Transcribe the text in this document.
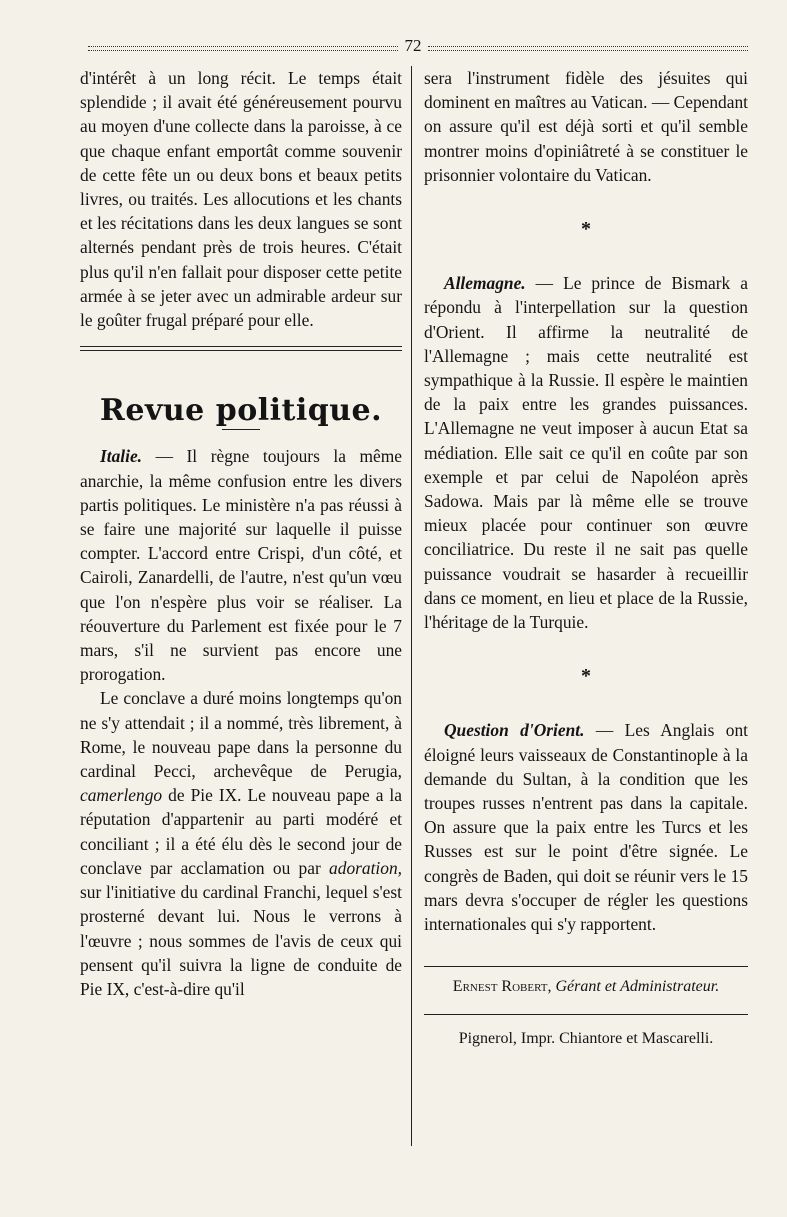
72

d'intérêt à un long récit. Le temps était splendide ; il avait été généreusement pourvu au moyen d'une collecte dans la paroisse, à ce que chaque enfant emportât comme souvenir de cette fête un ou deux bons et beaux petits livres, ou traités. Les allocutions et les chants et les récitations dans les deux langues se sont alternés pendant près de trois heures. C'était plus qu'il n'en fallait pour disposer cette petite armée à se jeter avec un admirable ardeur sur le goûter frugal préparé pour elle.

Revue politique.

Italie. — Il règne toujours la même anarchie, la même confusion entre les divers partis politiques. Le ministère n'a pas réussi à se faire une majorité sur laquelle il puisse compter. L'accord entre Crispi, d'un côté, et Cairoli, Zanardelli, de l'autre, n'est qu'un vœu que l'on n'espère plus voir se réaliser. La réouverture du Parlement est fixée pour le 7 mars, s'il ne survient pas encore une prorogation.

Le conclave a duré moins longtemps qu'on ne s'y attendait ; il a nommé, très librement, à Rome, le nouveau pape dans la personne du cardinal Pecci, archevêque de Perugia, camerlengo de Pie IX. Le nouveau pape a la réputation d'appartenir au parti modéré et conciliant ; il a été élu dès le second jour de conclave par acclamation ou par adoration, sur l'initiative du cardinal Franchi, lequel s'est prosterné devant lui. Nous le verrons à l'œuvre ; nous sommes de l'avis de ceux qui pensent qu'il suivra la ligne de conduite de Pie IX, c'est-à-dire qu'il

sera l'instrument fidèle des jésuites qui dominent en maîtres au Vatican. — Cependant on assure qu'il est déjà sorti et qu'il semble montrer moins d'opiniâtreté à se constituer le prisonnier volontaire du Vatican.

*

Allemagne. — Le prince de Bismark a répondu à l'interpellation sur la question d'Orient. Il affirme la neutralité de l'Allemagne ; mais cette neutralité est sympathique à la Russie. Il espère le maintien de la paix entre les grandes puissances. L'Allemagne ne veut imposer à aucun Etat sa médiation. Elle sait ce qu'il en coûte par son exemple et par celui de Napoléon après Sadowa. Mais par là même elle se trouve mieux placée pour continuer son œuvre conciliatrice. Du reste il ne sait pas quelle puissance voudrait se hasarder à recueillir dans ce moment, en lieu et place de la Russie, l'héritage de la Turquie.

*

Question d'Orient. — Les Anglais ont éloigné leurs vaisseaux de Constantinople à la demande du Sultan, à la condition que les troupes russes n'entrent pas dans la capitale. On assure que la paix entre les Turcs et les Russes est sur le point d'être signée. Le congrès de Baden, qui doit se réunir vers le 15 mars devra s'occuper de régler les questions internationales qui s'y rapportent.

Ernest Robert, Gérant et Administrateur.

Pignerol, Impr. Chiantore et Mascarelli.
